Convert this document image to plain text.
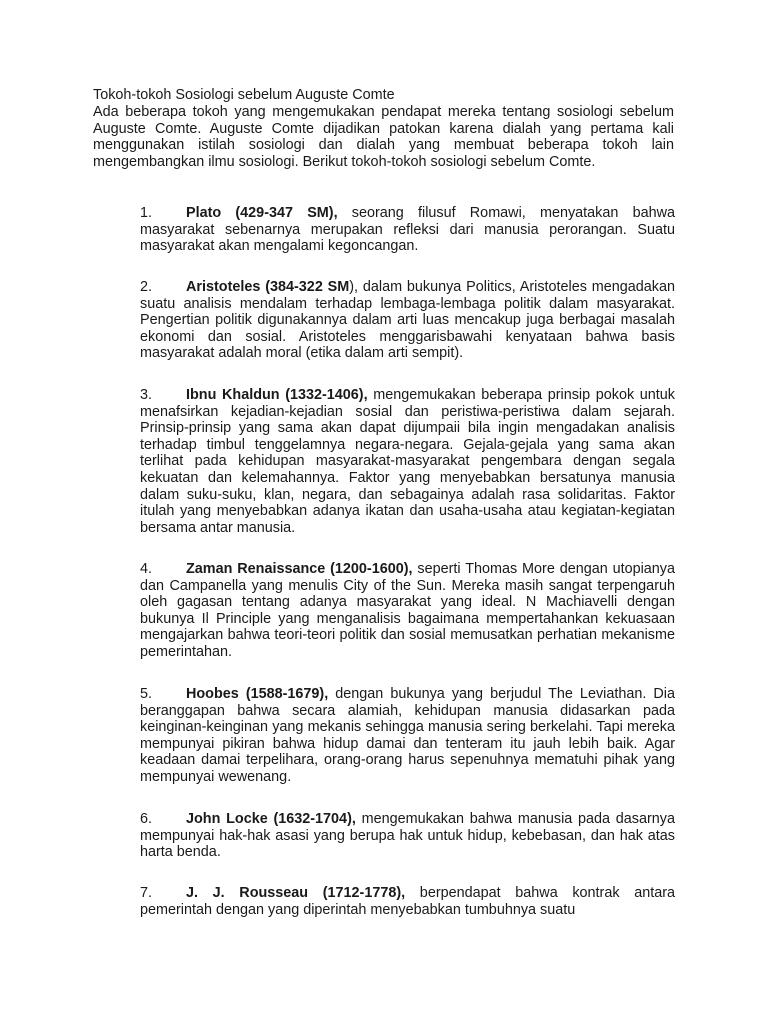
Tokoh-tokoh Sosiologi sebelum Auguste Comte
Ada beberapa tokoh yang mengemukakan pendapat mereka tentang sosiologi sebelum Auguste Comte. Auguste Comte dijadikan patokan karena dialah yang pertama kali menggunakan istilah sosiologi dan dialah yang membuat beberapa tokoh lain mengembangkan ilmu sosiologi. Berikut tokoh-tokoh sosiologi sebelum Comte.

1. Plato (429-347 SM), seorang filusuf Romawi, menyatakan bahwa masyarakat sebenarnya merupakan refleksi dari manusia perorangan. Suatu masyarakat akan mengalami kegoncangan.

2. Aristoteles (384-322 SM), dalam bukunya Politics, Aristoteles mengadakan suatu analisis mendalam terhadap lembaga-lembaga politik dalam masyarakat. Pengertian politik digunakannya dalam arti luas mencakup juga berbagai masalah ekonomi dan sosial. Aristoteles menggarisbawahi kenyataan bahwa basis masyarakat adalah moral (etika dalam arti sempit).

3. Ibnu Khaldun (1332-1406), mengemukakan beberapa prinsip pokok untuk menafsirkan kejadian-kejadian sosial dan peristiwa-peristiwa dalam sejarah. Prinsip-prinsip yang sama akan dapat dijumpaii bila ingin mengadakan analisis terhadap timbul tenggelamnya negara-negara. Gejala-gejala yang sama akan terlihat pada kehidupan masyarakat-masyarakat pengembara dengan segala kekuatan dan kelemahannya. Faktor yang menyebabkan bersatunya manusia dalam suku-suku, klan, negara, dan sebagainya adalah rasa solidaritas. Faktor itulah yang menyebabkan adanya ikatan dan usaha-usaha atau kegiatan-kegiatan bersama antar manusia.

4. Zaman Renaissance (1200-1600), seperti Thomas More dengan utopianya dan Campanella yang menulis City of the Sun. Mereka masih sangat terpengaruh oleh gagasan tentang adanya masyarakat yang ideal. N Machiavelli dengan bukunya Il Principle yang menganalisis bagaimana mempertahankan kekuasaan mengajarkan bahwa teori-teori politik dan sosial memusatkan perhatian mekanisme pemerintahan.

5. Hoobes (1588-1679), dengan bukunya yang berjudul The Leviathan. Dia beranggapan bahwa secara alamiah, kehidupan manusia didasarkan pada keinginan-keinginan yang mekanis sehingga manusia sering berkelahi. Tapi mereka mempunyai pikiran bahwa hidup damai dan tenteram itu jauh lebih baik. Agar keadaan damai terpelihara, orang-orang harus sepenuhnya mematuhi pihak yang mempunyai wewenang.

6. John Locke (1632-1704), mengemukakan bahwa manusia pada dasarnya mempunyai hak-hak asasi yang berupa hak untuk hidup, kebebasan, dan hak atas harta benda.

7. J. J. Rousseau (1712-1778), berpendapat bahwa kontrak antara pemerintah dengan yang diperintah menyebabkan tumbuhnya suatu
